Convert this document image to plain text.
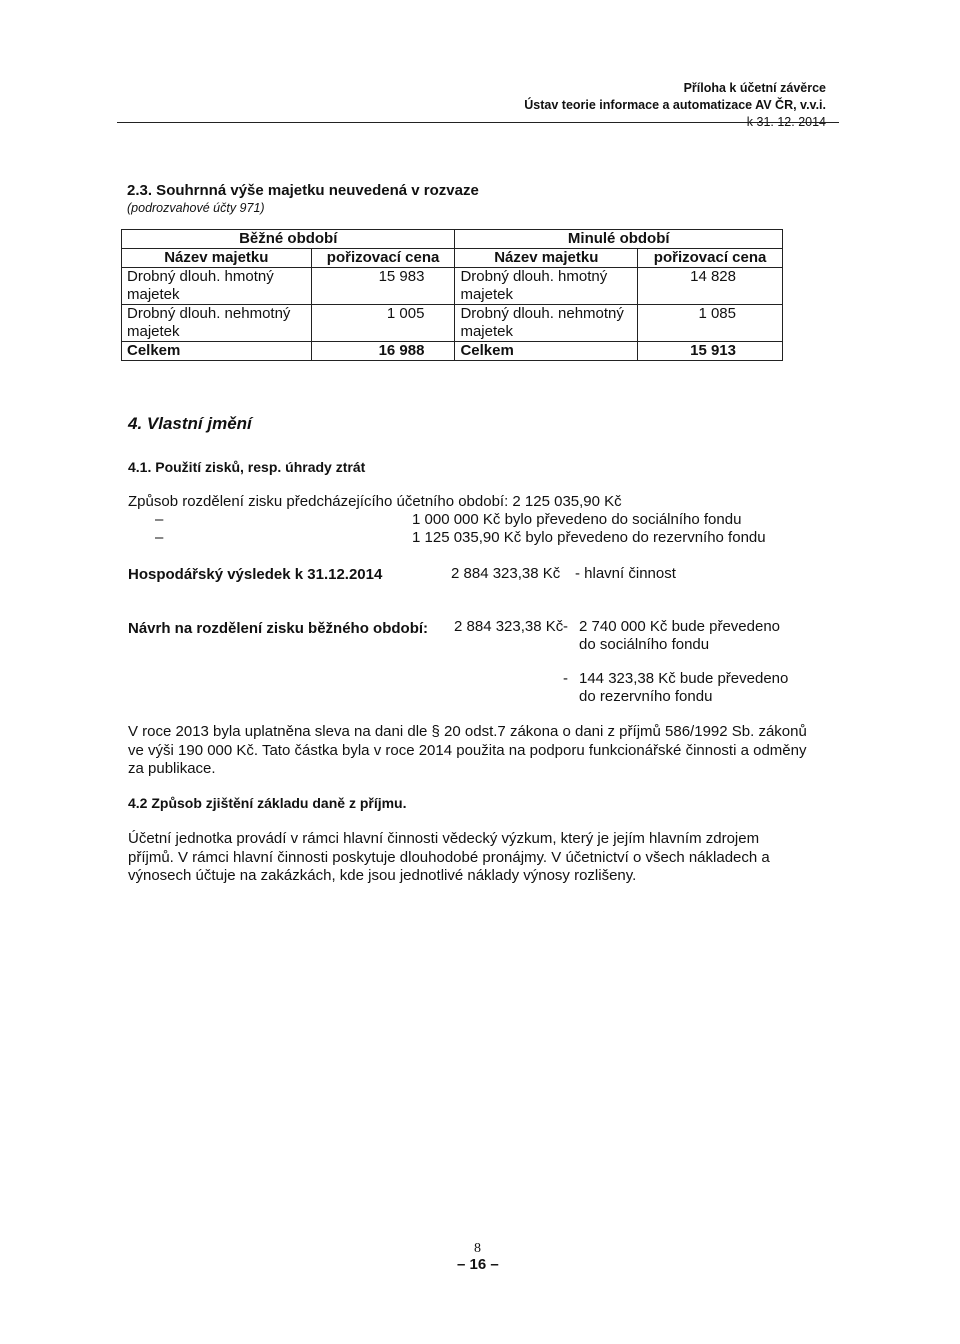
Příloha k účetní závěrce
Ústav teorie informace a automatizace AV ČR, v.v.i.
k 31. 12. 2014
2.3. Souhrnná výše majetku neuvedená v rozvaze
(podrozvahové účty 971)
Běžné období		Minulé období	
Název majetku	pořizovací cena	Název majetku	pořizovací cena
Drobný dlouh. hmotný majetek	15 983	Drobný dlouh. hmotný majetek	14 828
Drobný dlouh. nehmotný majetek	1 005	Drobný dlouh. nehmotný majetek	1 085
Celkem	16 988	Celkem	15 913
4. Vlastní jmění
4.1. Použití zisků, resp. úhrady ztrát
Způsob rozdělení zisku předcházejícího účetního období: 2 125 035,90 Kč
–	1 000 000 Kč bylo převedeno do sociálního fondu
–	1 125 035,90 Kč bylo převedeno do rezervního fondu
Hospodářský výsledek k 31.12.2014	2 884 323,38 Kč - hlavní činnost
Návrh na rozdělení zisku běžného období: 2 884 323,38 Kč - 2 740 000 Kč bude převedeno
do sociálního fondu
- 144 323,38 Kč bude převedeno
do rezervního fondu
V roce 2013 byla uplatněna sleva na dani dle § 20 odst.7 zákona o dani z příjmů 586/1992 Sb. zákonů
ve výši 190 000 Kč. Tato částka byla v roce 2014 použita na podporu funkcionářské činnosti a odměny
za publikace.
4.2 Způsob zjištění základu daně z příjmu.
Účetní jednotka provádí v rámci hlavní činnosti vědecký výzkum, který je jejím hlavním zdrojem
příjmů. V rámci hlavní činnosti poskytuje dlouhodobé pronájmy. V účetnictví o všech nákladech a
výnosech účtuje na zakázkách, kde jsou jednotlivé náklady výnosy rozlišeny.
8
– 16 –
